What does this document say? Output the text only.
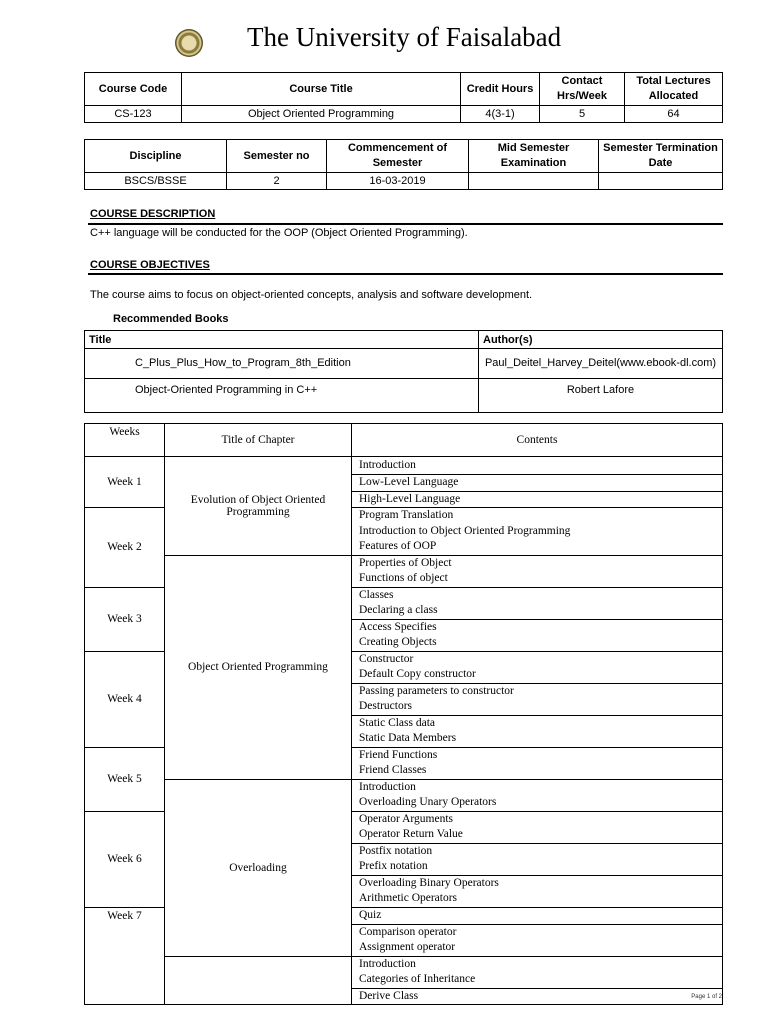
The University of Faisalabad
Course Code	Course Title	Credit Hours	Contact Hrs/Week	Total Lectures Allocated
CS-123	Object Oriented Programming	4(3-1)	5	64
Discipline	Semester no	Commencement of Semester	Mid Semester Examination	Semester Termination Date
BSCS/BSSE	2	16-03-2019		
COURSE DESCRIPTION
C++ language will be conducted for the OOP (Object Oriented Programming).
COURSE OBJECTIVES
The course aims to focus on object-oriented concepts, analysis and software development.
Recommended Books
Title	Author(s)
C_Plus_Plus_How_to_Program_8th_Edition	Paul_Deitel_Harvey_Deitel(www.ebook-dl.com)
Object-Oriented Programming in C++	Robert Lafore
Weeks	Title of Chapter	Contents
Week 1	Evolution of Object Oriented Programming	Introduction
		Low-Level Language
		High-Level Language
Week 2		Program Translation
Introduction to Object Oriented Programming
Features of OOP
	Object Oriented Programming	Properties of Object
Functions of object
Week 3		Classes
Declaring a class
		Access Specifies
Creating Objects
Week 4		Constructor
Default Copy constructor
		Passing parameters to constructor
Destructors
		Static Class data
Static Data Members
Week 5		Friend Functions
Friend Classes
	Overloading	Introduction
Overloading Unary Operators
Week 6		Operator Arguments
Operator Return Value
		Postfix notation
Prefix notation
		Overloading Binary Operators
Arithmetic Operators
Week 7		Quiz
		Comparison operator
Assignment operator
		Introduction
Categories of Inheritance
		Derive Class	Page 1 of 2
